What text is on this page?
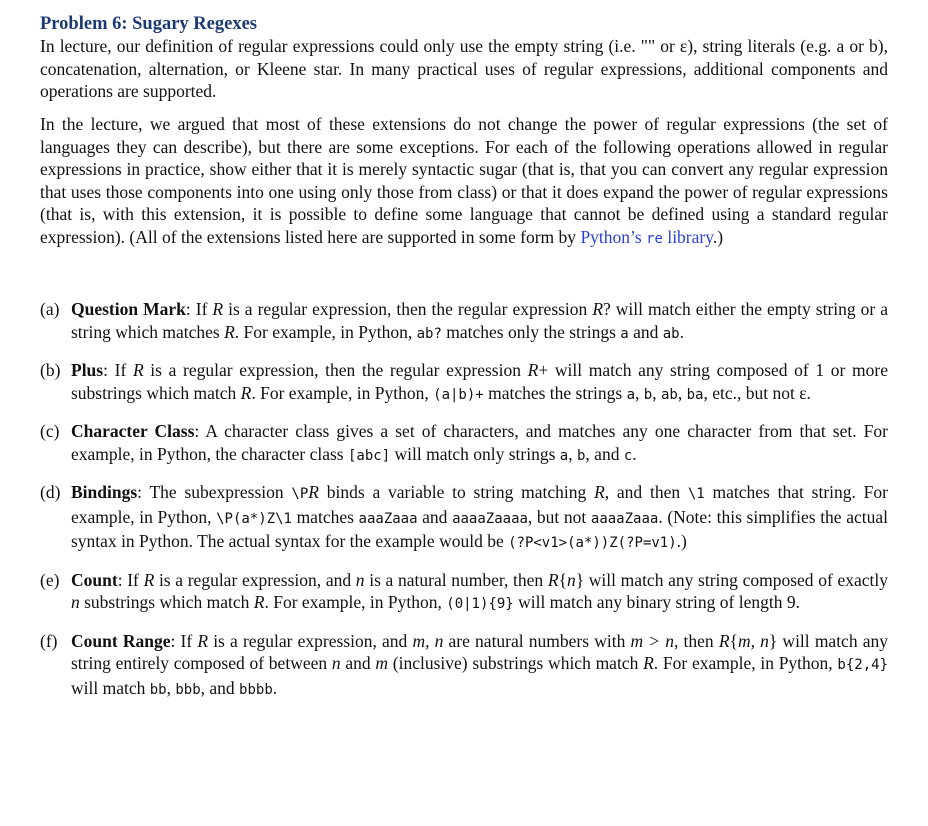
Problem 6: Sugary Regexes

In lecture, our definition of regular expressions could only use the empty string (i.e. "" or ε), string literals (e.g. a or b), concatenation, alternation, or Kleene star. In many practical uses of regular expressions, additional components and operations are supported.

In the lecture, we argued that most of these extensions do not change the power of regular expressions (the set of languages they can describe), but there are some exceptions. For each of the following operations allowed in regular expressions in practice, show either that it is merely syntactic sugar (that is, that you can convert any regular expression that uses those components into one using only those from class) or that it does expand the power of regular expressions (that is, with this extension, it is possible to define some language that cannot be defined using a standard regular expression). (All of the extensions listed here are supported in some form by Python’s re library.)

(a) Question Mark: If R is a regular expression, then the regular expression R? will match either the empty string or a string which matches R. For example, in Python, ab? matches only the strings a and ab.
(b) Plus: If R is a regular expression, then the regular expression R+ will match any string composed of 1 or more substrings which match R. For example, in Python, (a|b)+ matches the strings a, b, ab, ba, etc., but not ε.
(c) Character Class: A character class gives a set of characters, and matches any one character from that set. For example, in Python, the character class [abc] will match only strings a, b, and c.
(d) Bindings: The subexpression \PR binds a variable to string matching R, and then \1 matches that string. For example, in Python, \P(a*)Z\1 matches aaaZaaa and aaaaZaaaa, but not aaaaZaaa. (Note: this simplifies the actual syntax in Python. The actual syntax for the example would be (?P<v1>(a*))Z(?P=v1).)
(e) Count: If R is a regular expression, and n is a natural number, then R{n} will match any string composed of exactly n substrings which match R. For example, in Python, (0|1){9} will match any binary string of length 9.
(f) Count Range: If R is a regular expression, and m, n are natural numbers with m > n, then R{m, n} will match any string entirely composed of between n and m (inclusive) substrings which match R. For example, in Python, b{2,4} will match bb, bbb, and bbbb.
